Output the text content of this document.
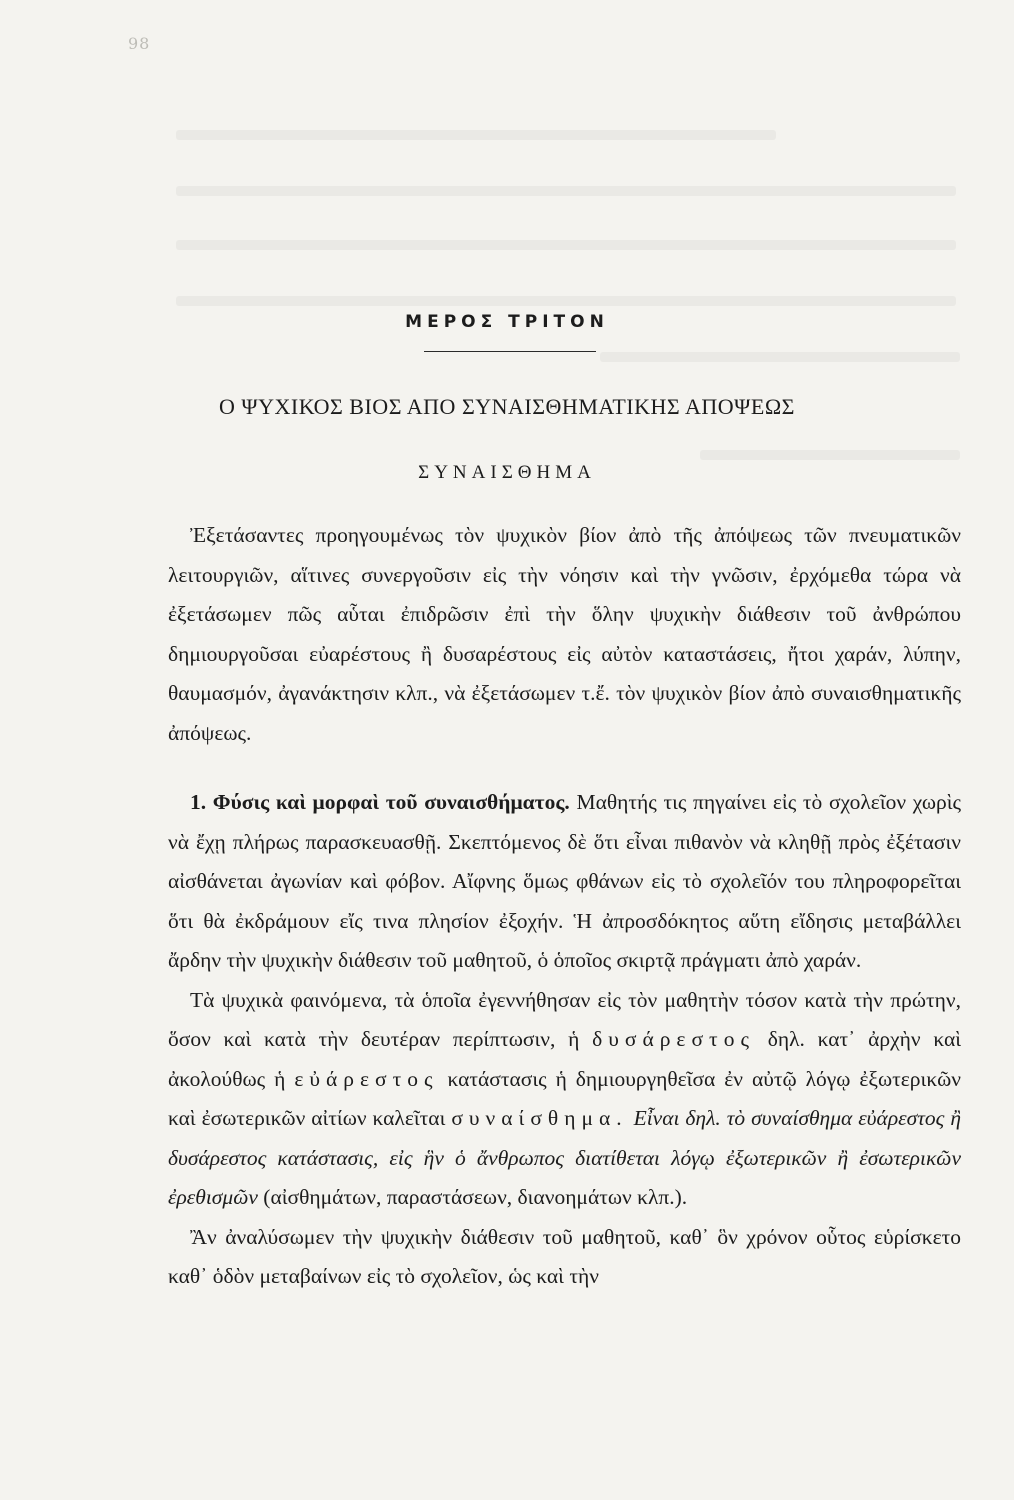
98
ΜΕΡΟΣ ΤΡΙΤΟΝ
Ο ΨΥΧΙΚΟΣ ΒΙΟΣ ΑΠΟ ΣΥΝΑΙΣΘΗΜΑΤΙΚΗΣ ΑΠΟΨΕΩΣ
ΣΥΝΑΙΣΘΗΜΑ

Ἐξετάσαντες προηγουμένως τὸν ψυχικὸν βίον ἀπὸ τῆς ἀπόψεως τῶν πνευματικῶν λειτουργιῶν, αἵτινες συνεργοῦσιν εἰς τὴν νόησιν καὶ τὴν γνῶσιν, ἐρχόμεθα τώρα νὰ ἐξετάσωμεν πῶς αὗται ἐπιδρῶσιν ἐπὶ τὴν ὅλην ψυχικὴν διάθεσιν τοῦ ἀνθρώπου δημιουργοῦσαι εὐαρέστους ἢ δυσαρέστους εἰς αὐτὸν καταστάσεις, ἤτοι χαράν, λύπην, θαυμασμόν, ἀγανάκτησιν κλπ., νὰ ἐξετάσωμεν τ.ἔ. τὸν ψυχικὸν βίον ἀπὸ συναισθηματικῆς ἀπόψεως.

1. Φύσις καὶ μορφαὶ τοῦ συναισθήματος. Μαθητής τις πηγαίνει εἰς τὸ σχολεῖον χωρὶς νὰ ἔχῃ πλήρως παρασκευασθῇ. Σκεπτόμενος δὲ ὅτι εἶναι πιθανὸν νὰ κληθῇ πρὸς ἐξέτασιν αἰσθάνεται ἀγωνίαν καὶ φόβον. Αἴφνης ὅμως φθάνων εἰς τὸ σχολεῖόν του πληροφορεῖται ὅτι θὰ ἐκδράμουν εἴς τινα πλησίον ἐξοχήν. Ἡ ἀπροσδόκητος αὕτη εἴδησις μεταβάλλει ἄρδην τὴν ψυχικὴν διάθεσιν τοῦ μαθητοῦ, ὁ ὁποῖος σκιρτᾷ πράγματι ἀπὸ χαράν.

Τὰ ψυχικὰ φαινόμενα, τὰ ὁποῖα ἐγεννήθησαν εἰς τὸν μαθητὴν τόσον κατὰ τὴν πρώτην, ὅσον καὶ κατὰ τὴν δευτέραν περίπτωσιν, ἡ δυσάρεστος δηλ. κατ᾽ ἀρχὴν καὶ ἀκολούθως ἡ εὐάρεστος κατάστασις ἡ δημιουργηθεῖσα ἐν αὐτῷ λόγῳ ἐξωτερικῶν καὶ ἐσωτερικῶν αἰτίων καλεῖται συναίσθημα. Εἶναι δηλ. τὸ συναίσθημα εὐάρεστος ἢ δυσάρεστος κατάστασις, εἰς ἣν ὁ ἄνθρωπος διατίθεται λόγῳ ἐξωτερικῶν ἢ ἐσωτερικῶν ἐρεθισμῶν (αἰσθημάτων, παραστάσεων, διανοημάτων κλπ.).

Ἂν ἀναλύσωμεν τὴν ψυχικὴν διάθεσιν τοῦ μαθητοῦ, καθ᾽ ὃν χρόνον οὗτος εὑρίσκετο καθ᾽ ὁδὸν μεταβαίνων εἰς τὸ σχολεῖον, ὡς καὶ τὴν
